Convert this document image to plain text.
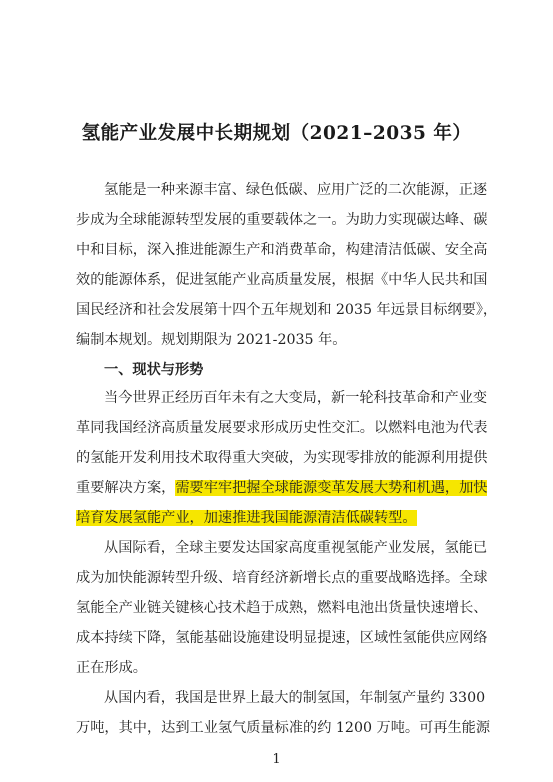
氢能产业发展中长期规划（2021–2035 年）
氢能是一种来源丰富、绿色低碳、应用广泛的二次能源，正逐
步成为全球能源转型发展的重要载体之一。为助力实现碳达峰、碳
中和目标，深入推进能源生产和消费革命，构建清洁低碳、安全高
效的能源体系，促进氢能产业高质量发展，根据《中华人民共和国
国民经济和社会发展第十四个五年规划和 2035 年远景目标纲要》，
编制本规划。规划期限为 2021-2035 年。
一、现状与形势
当今世界正经历百年未有之大变局，新一轮科技革命和产业变
革同我国经济高质量发展要求形成历史性交汇。以燃料电池为代表
的氢能开发利用技术取得重大突破，为实现零排放的能源利用提供
重要解决方案，需要牢牢把握全球能源变革发展大势和机遇，加快
培育发展氢能产业，加速推进我国能源清洁低碳转型。
从国际看，全球主要发达国家高度重视氢能产业发展，氢能已
成为加快能源转型升级、培育经济新增长点的重要战略选择。全球
氢能全产业链关键核心技术趋于成熟，燃料电池出货量快速增长、
成本持续下降，氢能基础设施建设明显提速，区域性氢能供应网络
正在形成。
从国内看，我国是世界上最大的制氢国，年制氢产量约 3300
万吨，其中，达到工业氢气质量标准的约 1200 万吨。可再生能源
1
